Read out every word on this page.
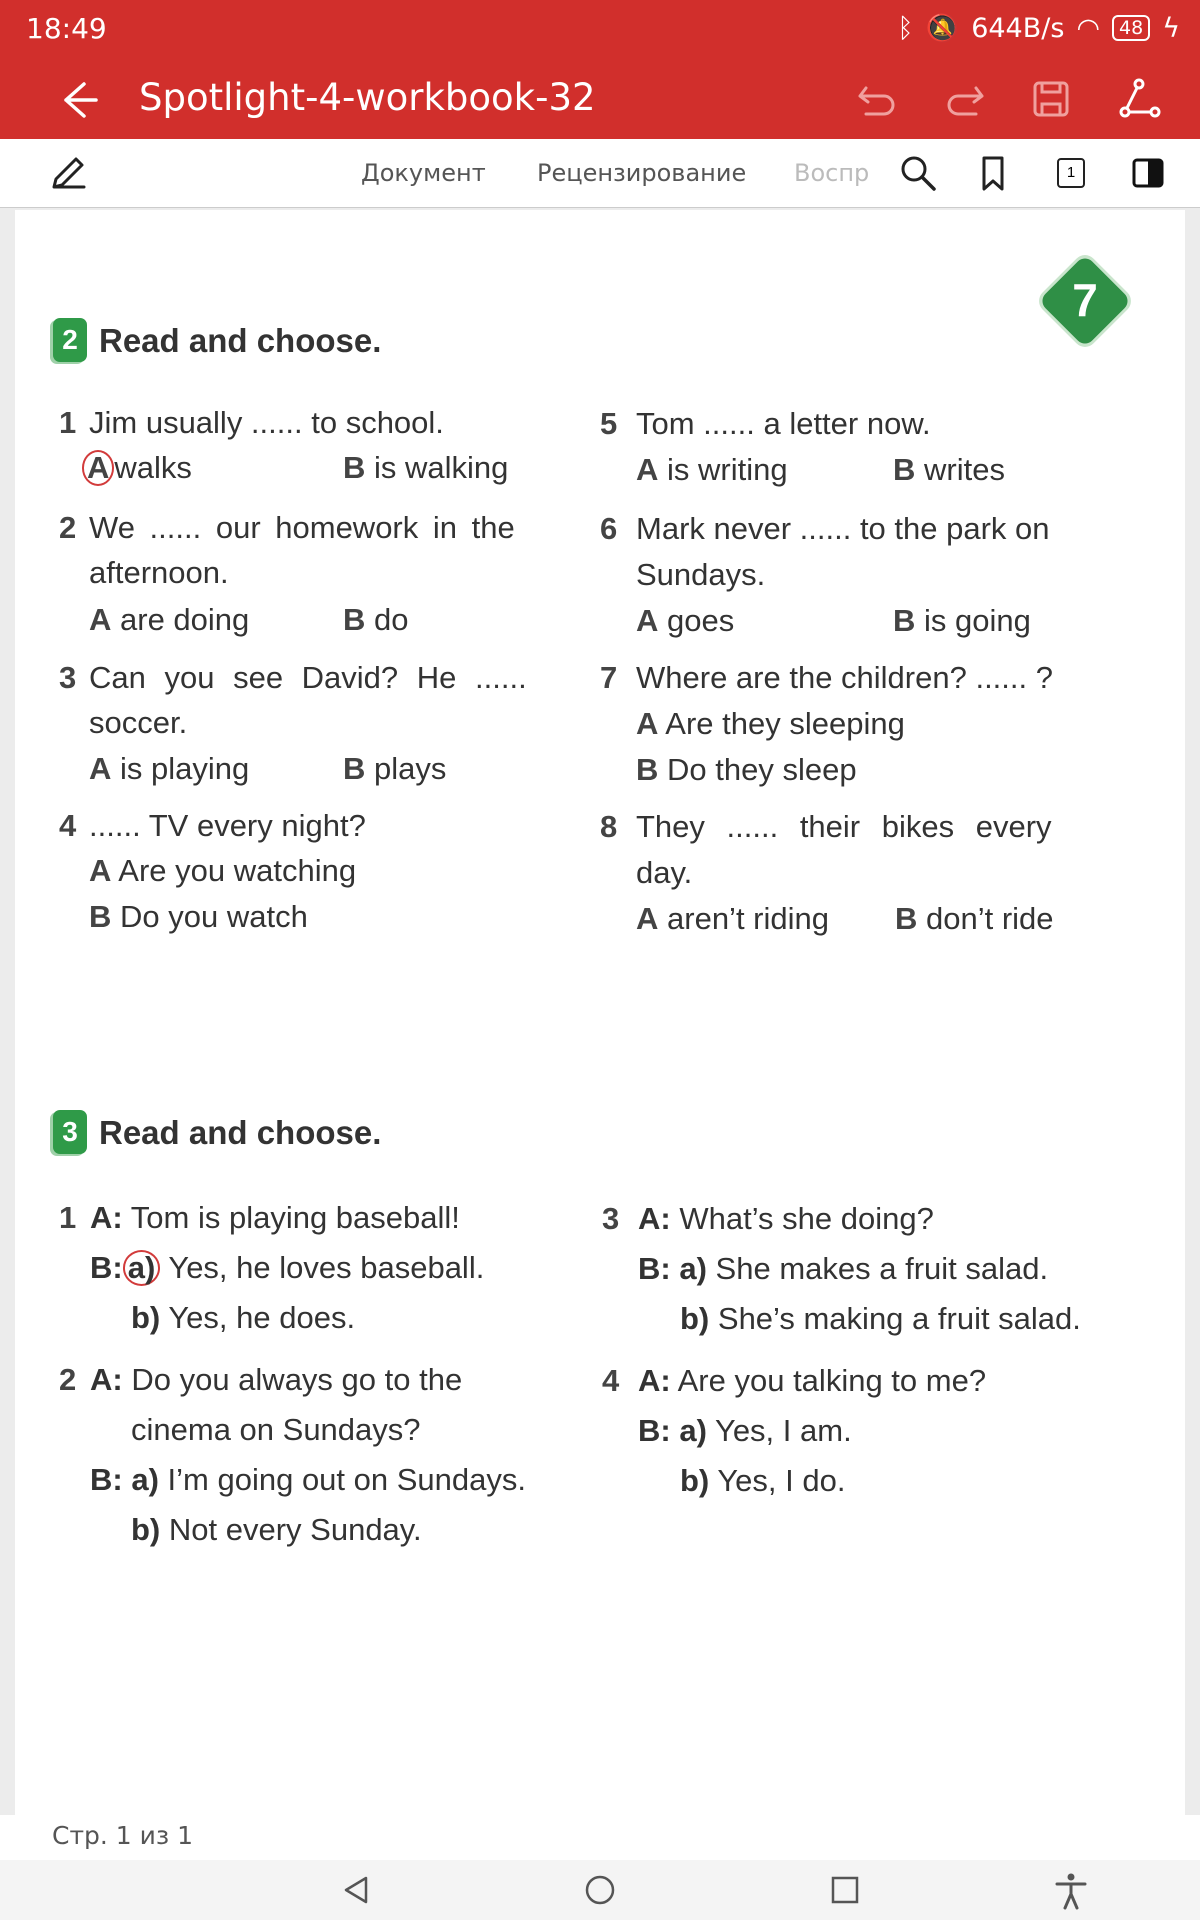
18:49	ᛒ 🔕 644B/s ◠	48 ϟ
Spotlight-4-workbook-32
Документ Рецензирование Воспр	1
7
2 Read and choose.
1 Jim usually ...... to school.
A walks	B is walking
2 We ...... our homework in the
afternoon.
A are doing	B do
3 Can you see David? He ......
soccer.
A is playing	B plays
4 ...... TV every night?
A Are you watching
B Do you watch
5 Tom ...... a letter now.
A is writing	B writes
6 Mark never ...... to the park on
Sundays.
A goes	B is going
7 Where are the children? ...... ?
A Are they sleeping
B Do they sleep
8 They ...... their bikes every
day.
A aren’t riding B don’t ride
3 Read and choose.
1 A: Tom is playing baseball!
B: a) Yes, he loves baseball.
b) Yes, he does.
2 A: Do you always go to the
cinema on Sundays?
B: a) I’m going out on Sundays.
b) Not every Sunday.
3 A: What’s she doing?
B: a) She makes a fruit salad.
b) She’s making a fruit salad.
4 A: Are you talking to me?
B: a) Yes, I am.
b) Yes, I do.
Стр. 1 из 1
